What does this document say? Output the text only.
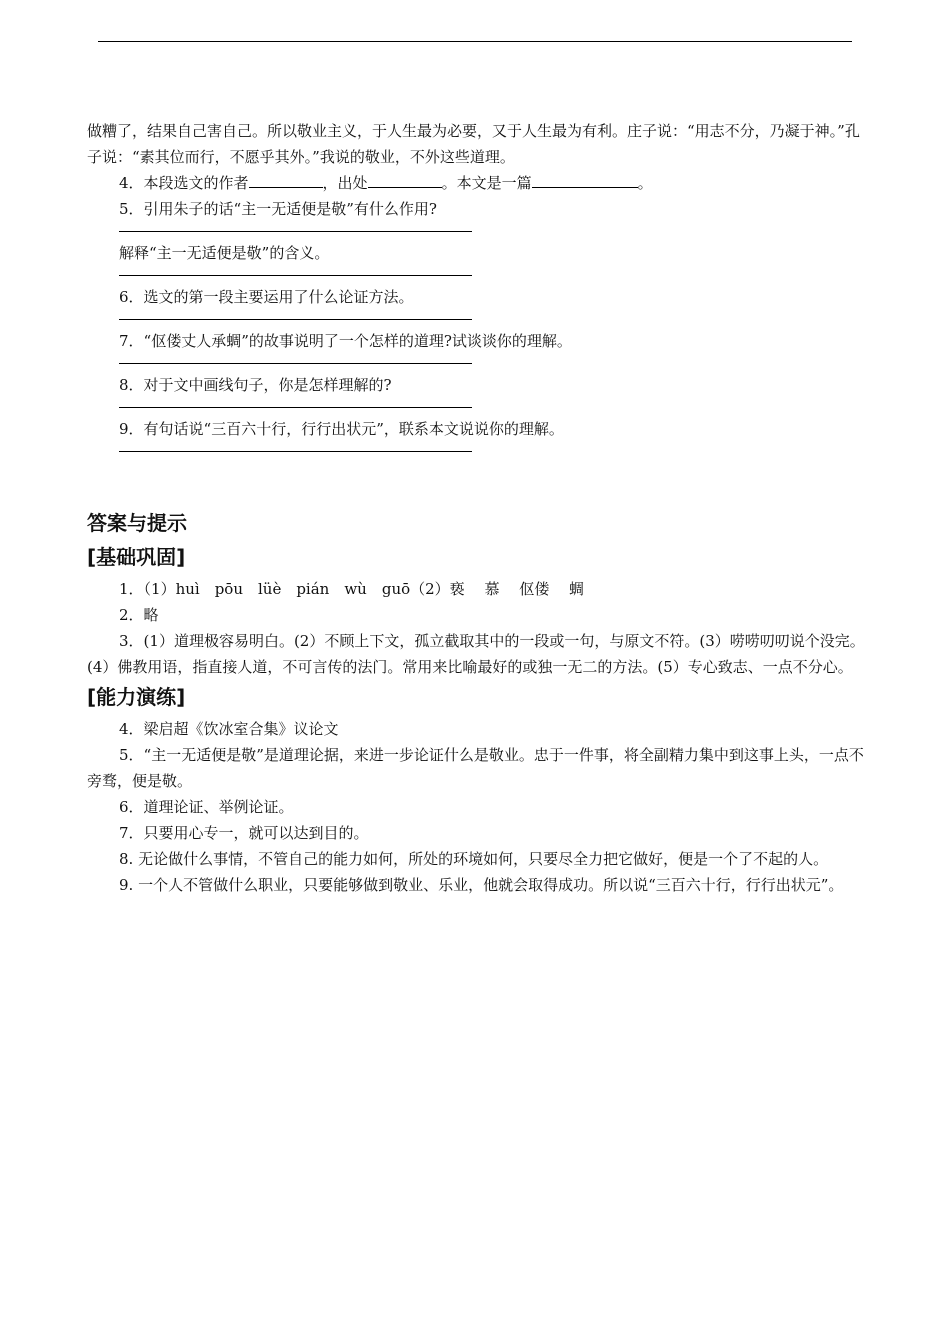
做糟了，结果自己害自己。所以敬业主义，于人生最为必要，又于人生最为有利。庄子说：“用志不分，乃凝于神。”孔子说：“素其位而行，不愿乎其外。”我说的敬业，不外这些道理。

4．本段选文的作者	，出处	。本文是一篇	。

5．引用朱子的话“主一无适便是敬”有什么作用?

解释“主一无适便是敬”的含义。

6．选文的第一段主要运用了什么论证方法。

7．“伛偻丈人承蜩”的故事说明了一个怎样的道理?试谈谈你的理解。

8．对于文中画线句子，你是怎样理解的?

9．有句话说“三百六十行，行行出状元”，联系本文说说你的理解。

答案与提示

[基础巩固]

1．（1）huì　pōu　lüè　pián　wù　guō（2）亵　 慕　 伛偻　 蜩

2．略

3．(1）道理极容易明白。(2）不顾上下文，孤立截取其中的一段或一句，与原文不符。(3）唠唠叨叨说个没完。(4）佛教用语，指直接人道，不可言传的法门。常用来比喻最好的或独一无二的方法。(5）专心致志、一点不分心。

[能力演练]

4．梁启超《饮冰室合集》议论文

5．“主一无适便是敬”是道理论据，来进一步论证什么是敬业。忠于一件事，将全副精力集中到这事上头，一点不旁骛，便是敬。

6．道理论证、举例论证。

7．只要用心专一，就可以达到目的。

8. 无论做什么事情，不管自己的能力如何，所处的环境如何，只要尽全力把它做好，便是一个了不起的人。

9. 一个人不管做什么职业，只要能够做到敬业、乐业，他就会取得成功。所以说“三百六十行，行行出状元”。
